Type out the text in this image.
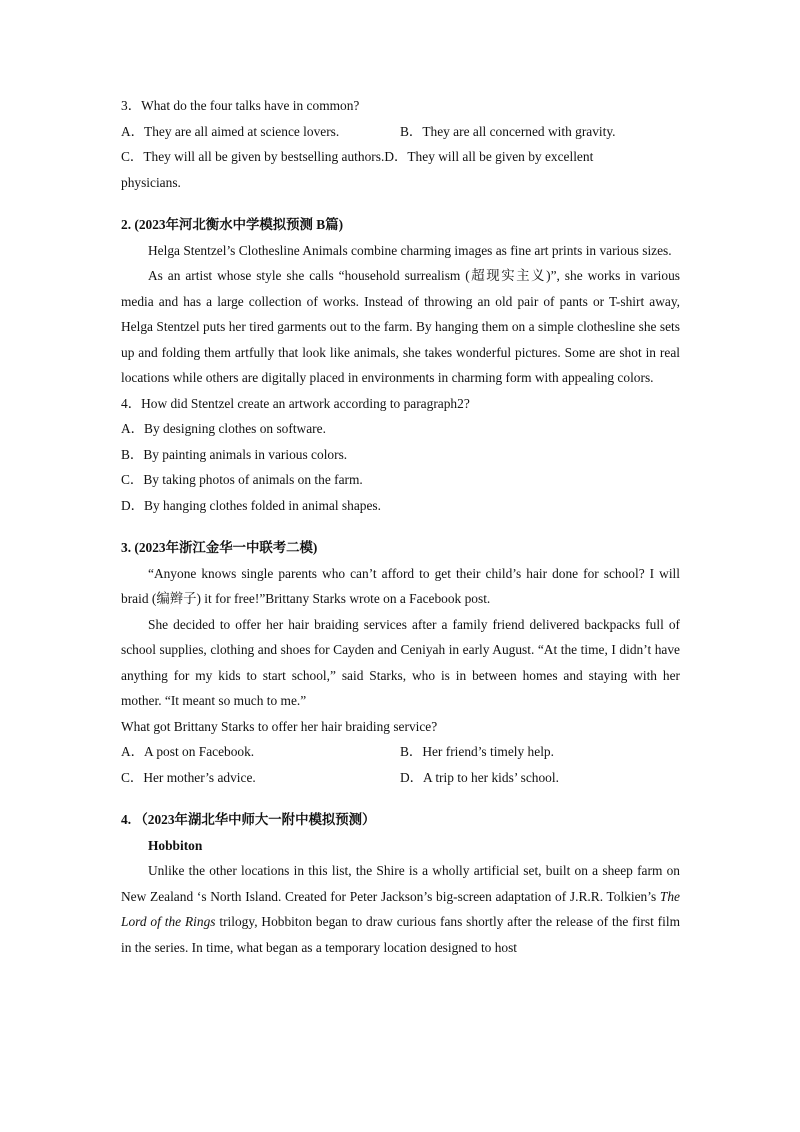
3．What do the four talks have in common?

A．They are all aimed at science lovers.	B．They are all concerned with gravity.
C．They will all be given by bestselling authors. D．They will all be given by excellent

physicians.

2. (2023年河北衡水中学模拟预测 B篇)

Helga Stentzel’s Clothesline Animals combine charming images as fine art prints in various sizes.

As an artist whose style she calls “household surrealism (超现实主义)”, she works in various media and has a large collection of works. Instead of throwing an old pair of pants or T-shirt away, Helga Stentzel puts her tired garments out to the farm. By hanging them on a simple clothesline she sets up and folding them artfully that look like animals, she takes wonderful pictures. Some are shot in real locations while others are digitally placed in environments in charming form with appealing colors.

4．How did Stentzel create an artwork according to paragraph2?

A．By designing clothes on software.

B．By painting animals in various colors.

C．By taking photos of animals on the farm.

D．By hanging clothes folded in animal shapes.

3. (2023年浙江金华一中联考二模)

“Anyone knows single parents who can’t afford to get their child’s hair done for school? I will braid (编辫子) it for free!”Brittany Starks wrote on a Facebook post.

She decided to offer her hair braiding services after a family friend delivered backpacks full of school supplies, clothing and shoes for Cayden and Ceniyah in early August. “At the time, I didn’t have anything for my kids to start school,” said Starks, who is in between homes and staying with her mother. “It meant so much to me.”

What got Brittany Starks to offer her hair braiding service?

A．A post on Facebook.	B．Her friend’s timely help.
C．Her mother’s advice.	D．A trip to her kids’ school.

4. （2023年湖北华中师大一附中模拟预测）

Hobbiton

Unlike the other locations in this list, the Shire is a wholly artificial set, built on a sheep farm on New Zealand ‘s North Island. Created for Peter Jackson’s big-screen adaptation of J.R.R. Tolkien’s The Lord of the Rings trilogy, Hobbiton began to draw curious fans shortly after the release of the first film in the series. In time, what began as a temporary location designed to host
